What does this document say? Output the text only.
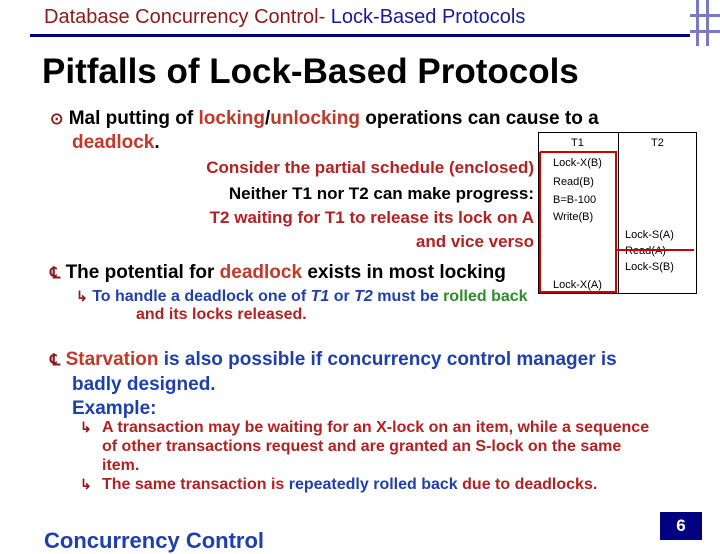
Database Concurrency Control- Lock-Based Protocols
Pitfalls of Lock-Based Protocols
⊙ Mal putting of locking/unlocking operations can cause to a
deadlock.
Consider the partial schedule (enclosed)
Neither T1 nor T2 can make progress:
T2 waiting for T1 to release its lock on A
and vice verso
T1	T2
Lock-X(B)
Read(B)
B=B-100
Write(B)
Lock-S(A)
Read(A)
Lock-S(B)
Lock-X(A)
℄ The potential for deadlock exists in most locking
↳ To handle a deadlock one of T1 or T2 must be rolled back
and its locks released.
℄ Starvation is also possible if concurrency control manager is
badly designed.
Example:
↳ A transaction may be waiting for an X-lock on an item, while a sequence of other transactions request and are granted an S-lock on the same item.
↳ The same transaction is repeatedly rolled back due to deadlocks.
Concurrency Control
6
